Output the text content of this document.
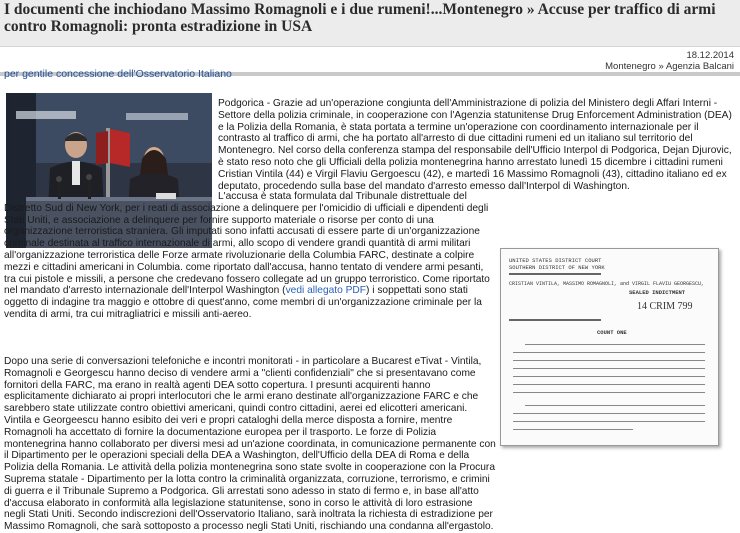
I documenti che inchiodano Massimo Romagnoli e i due rumeni!...Montenegro » Accuse per traffico di armi contro Romagnoli: pronta estradizione in USA
18.12.2014
Montenegro » Agenzia Balcani
per gentile concessione dell'Osservatorio Italiano
Podgorica - Grazie ad un'operazione congiunta dell'Amministrazione di polizia del Ministero degli Affari Interni - Settore della polizia criminale, in cooperazione con l'Agenzia statunitense Drug Enforcement Administration (DEA) e la Polizia della Romania, è stata portata a termine un'operazione con coordinamento internazionale per il contrasto al traffico di armi, che ha portato all'arresto di due cittadini rumeni ed un italiano sul territorio del Montenegro. Nel corso della conferenza stampa del responsabile dell'Ufficio Interpol di Podgorica, Dejan Djurovic, è stato reso noto che gli Ufficiali della polizia montenegrina hanno arrestato lunedì 15 dicembre i cittadini rumeni Cristian Vintila (44) e Virgil Flaviu Gergoescu (42), e martedì 16 Massimo Romagnoli (43), cittadino italiano ed ex deputato, procedendo sulla base del mandato d'arresto emesso dall'Interpol di Washington.
UNITED STATES DISTRICT COURT
SOUTHERN DISTRICT OF NEW YORK
CRISTIAN VINTILA, MASSIMO ROMAGNOLI, and VIRGIL FLAVIU GEORGESCU,
SEALED INDICTMENT
14 CRIM 799
COUNT ONE
L'accusa è stata formulata dal Tribunale distrettuale del Distretto Sud di New York, per i reati di associazione a delinquere per l'omicidio di ufficiali e dipendenti degli Stati Uniti, e associazione a delinquere per fornire supporto materiale o risorse per conto di una organizzazione terroristica straniera. Gli imputati sono infatti accusati di essere parte di un'organizzazione criminale destinata al traffico internazionale di armi, allo scopo di vendere grandi quantità di armi militari all'organizzazione terroristica delle Forze armate rivoluzionarie della Columbia FARC, destinate a colpire mezzi e cittadini americani in Columbia. come riportato dall'accusa, hanno tentato di vendere armi pesanti, tra cui pistole e missili, a persone che credevano fossero collegate ad un gruppo terroristico. Come riportato nel mandato d'arresto internazionale dell'Interpol Washington (vedi allegato PDF) i soppettati sono stati oggetto di indagine tra maggio e ottobre di quest'anno, come membri di un'organizzazione criminale per la vendita di armi, tra cui mitragliatrici e missili anti-aereo.
Dopo una serie di conversazioni telefoniche e incontri monitorati - in particolare a Bucarest eTivat - Vintila, Romagnoli e Georgescu hanno deciso di vendere armi a "clienti confidenziali" che si presentavano come fornitori della FARC, ma erano in realtà agenti DEA sotto copertura. I presunti acquirenti hanno esplicitamente dichiarato ai propri interlocutori che le armi erano destinate all'organizzazione FARC e che sarebbero state utilizzate contro obiettivi americani, quindi contro cittadini, aerei ed elicotteri americani. Vintila e Georgeescu hanno esibito dei veri e propri cataloghi della merce disposta a fornire, mentre Romagnoli ha accettato di fornire la documentazione europea per il trasporto. Le forze di Polizia montenegrina hanno collaborato per diversi mesi ad un'azione coordinata, in comunicazione permanente con il Dipartimento per le operazioni speciali della DEA a Washington, dell'Ufficio della DEA di Roma e della Polizia della Romania. Le attività della polizia montenegrina sono state svolte in cooperazione con la Procura Suprema statale - Dipartimento per la lotta contro la criminalità organizzata, corruzione, terrorismo, e crimini di guerra e il Tribunale Supremo a Podgorica. Gli arrestati sono adesso in stato di fermo e, in base all'atto d'accusa elaborato in conformità alla legislazione statunitense, sono in corso le attività di loro estrasione negli Stati Uniti. Secondo indiscrezioni dell'Osservatorio Italiano, sarà inoltrata la richiesta di estradizione per Massimo Romagnoli, che sarà sottoposto a processo negli Stati Uniti, rischiando una condanna all'ergastolo.
